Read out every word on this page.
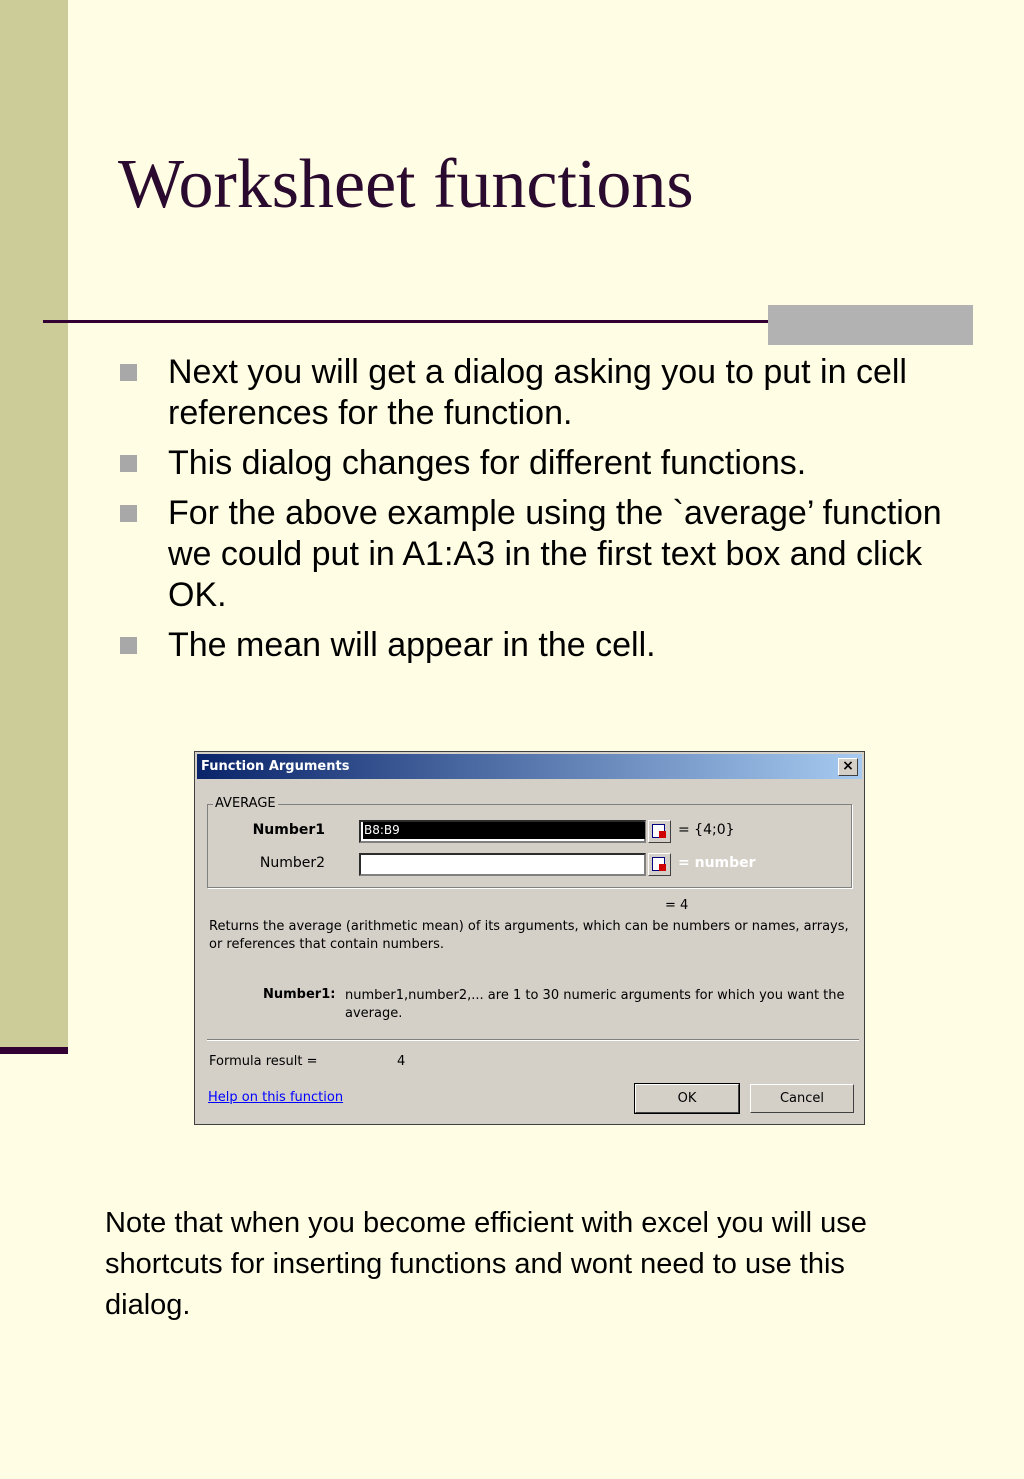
Worksheet functions
Next you will get a dialog asking you to put in cell references for the function.
This dialog changes for different functions.
For the above example using the `average’ function we could put in A1:A3 in the first text box and click OK.
The mean will appear in the cell.
Function Arguments	×
AVERAGE
Number1	B8:B9	= {4;0}
Number2	= number
= 4
Returns the average (arithmetic mean) of its arguments, which can be numbers or names, arrays, or references that contain numbers.
Number1: number1,number2,... are 1 to 30 numeric arguments for which you want the average.
Formula result =	4
Help on this function	OK	Cancel

Note that when you become efficient with excel you will use shortcuts for inserting functions and wont need to use this dialog.
